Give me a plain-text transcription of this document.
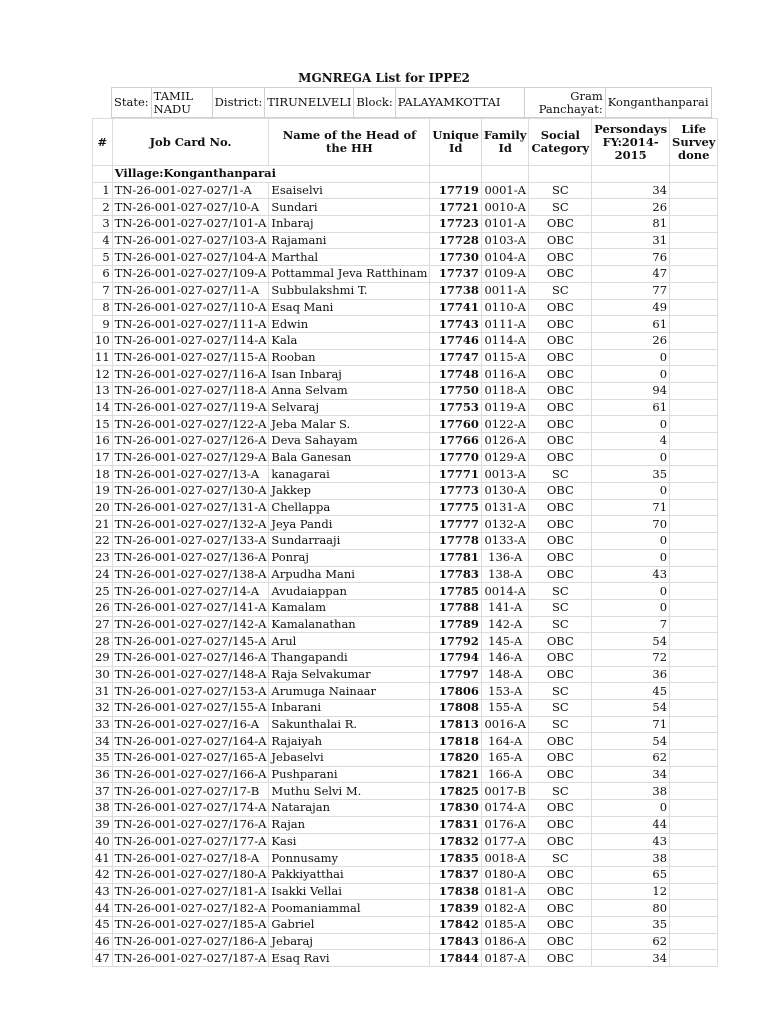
MGNREGA List for IPPE2
State:	TAMIL NADU	District:	TIRUNELVELI	Block:	PALAYAMKOTTAI	Gram Panchayat:	Konganthanparai
#	Job Card No.	Name of the Head of the HH	Unique Id	Family Id	Social Category	Persondays FY:2014-2015	Life Survey done
	Village:Konganthanparai						
1	TN-26-001-027-027/1-A	Esaiselvi	17719	0001-A	SC	34	
2	TN-26-001-027-027/10-A	Sundari	17721	0010-A	SC	26	
3	TN-26-001-027-027/101-A	Inbaraj	17723	0101-A	OBC	81	
4	TN-26-001-027-027/103-A	Rajamani	17728	0103-A	OBC	31	
5	TN-26-001-027-027/104-A	Marthal	17730	0104-A	OBC	76	
6	TN-26-001-027-027/109-A	Pottammal Jeva Ratthinam	17737	0109-A	OBC	47	
7	TN-26-001-027-027/11-A	Subbulakshmi T.	17738	0011-A	SC	77	
8	TN-26-001-027-027/110-A	Esaq Mani	17741	0110-A	OBC	49	
9	TN-26-001-027-027/111-A	Edwin	17743	0111-A	OBC	61	
10	TN-26-001-027-027/114-A	Kala	17746	0114-A	OBC	26	
11	TN-26-001-027-027/115-A	Rooban	17747	0115-A	OBC	0	
12	TN-26-001-027-027/116-A	Isan Inbaraj	17748	0116-A	OBC	0	
13	TN-26-001-027-027/118-A	Anna Selvam	17750	0118-A	OBC	94	
14	TN-26-001-027-027/119-A	Selvaraj	17753	0119-A	OBC	61	
15	TN-26-001-027-027/122-A	Jeba Malar S.	17760	0122-A	OBC	0	
16	TN-26-001-027-027/126-A	Deva Sahayam	17766	0126-A	OBC	4	
17	TN-26-001-027-027/129-A	Bala Ganesan	17770	0129-A	OBC	0	
18	TN-26-001-027-027/13-A	kanagarai	17771	0013-A	SC	35	
19	TN-26-001-027-027/130-A	Jakkep	17773	0130-A	OBC	0	
20	TN-26-001-027-027/131-A	Chellappa	17775	0131-A	OBC	71	
21	TN-26-001-027-027/132-A	Jeya Pandi	17777	0132-A	OBC	70	
22	TN-26-001-027-027/133-A	Sundarraaji	17778	0133-A	OBC	0	
23	TN-26-001-027-027/136-A	Ponraj	17781	136-A	OBC	0	
24	TN-26-001-027-027/138-A	Arpudha Mani	17783	138-A	OBC	43	
25	TN-26-001-027-027/14-A	Avudaiappan	17785	0014-A	SC	0	
26	TN-26-001-027-027/141-A	Kamalam	17788	141-A	SC	0	
27	TN-26-001-027-027/142-A	Kamalanathan	17789	142-A	SC	7	
28	TN-26-001-027-027/145-A	Arul	17792	145-A	OBC	54	
29	TN-26-001-027-027/146-A	Thangapandi	17794	146-A	OBC	72	
30	TN-26-001-027-027/148-A	Raja Selvakumar	17797	148-A	OBC	36	
31	TN-26-001-027-027/153-A	Arumuga Nainaar	17806	153-A	SC	45	
32	TN-26-001-027-027/155-A	Inbarani	17808	155-A	SC	54	
33	TN-26-001-027-027/16-A	Sakunthalai R.	17813	0016-A	SC	71	
34	TN-26-001-027-027/164-A	Rajaiyah	17818	164-A	OBC	54	
35	TN-26-001-027-027/165-A	Jebaselvi	17820	165-A	OBC	62	
36	TN-26-001-027-027/166-A	Pushparani	17821	166-A	OBC	34	
37	TN-26-001-027-027/17-B	Muthu Selvi M.	17825	0017-B	SC	38	
38	TN-26-001-027-027/174-A	Natarajan	17830	0174-A	OBC	0	
39	TN-26-001-027-027/176-A	Rajan	17831	0176-A	OBC	44	
40	TN-26-001-027-027/177-A	Kasi	17832	0177-A	OBC	43	
41	TN-26-001-027-027/18-A	Ponnusamy	17835	0018-A	SC	38	
42	TN-26-001-027-027/180-A	Pakkiyatthai	17837	0180-A	OBC	65	
43	TN-26-001-027-027/181-A	Isakki Vellai	17838	0181-A	OBC	12	
44	TN-26-001-027-027/182-A	Poomaniammal	17839	0182-A	OBC	80	
45	TN-26-001-027-027/185-A	Gabriel	17842	0185-A	OBC	35	
46	TN-26-001-027-027/186-A	Jebaraj	17843	0186-A	OBC	62	
47	TN-26-001-027-027/187-A	Esaq Ravi	17844	0187-A	OBC	34	
